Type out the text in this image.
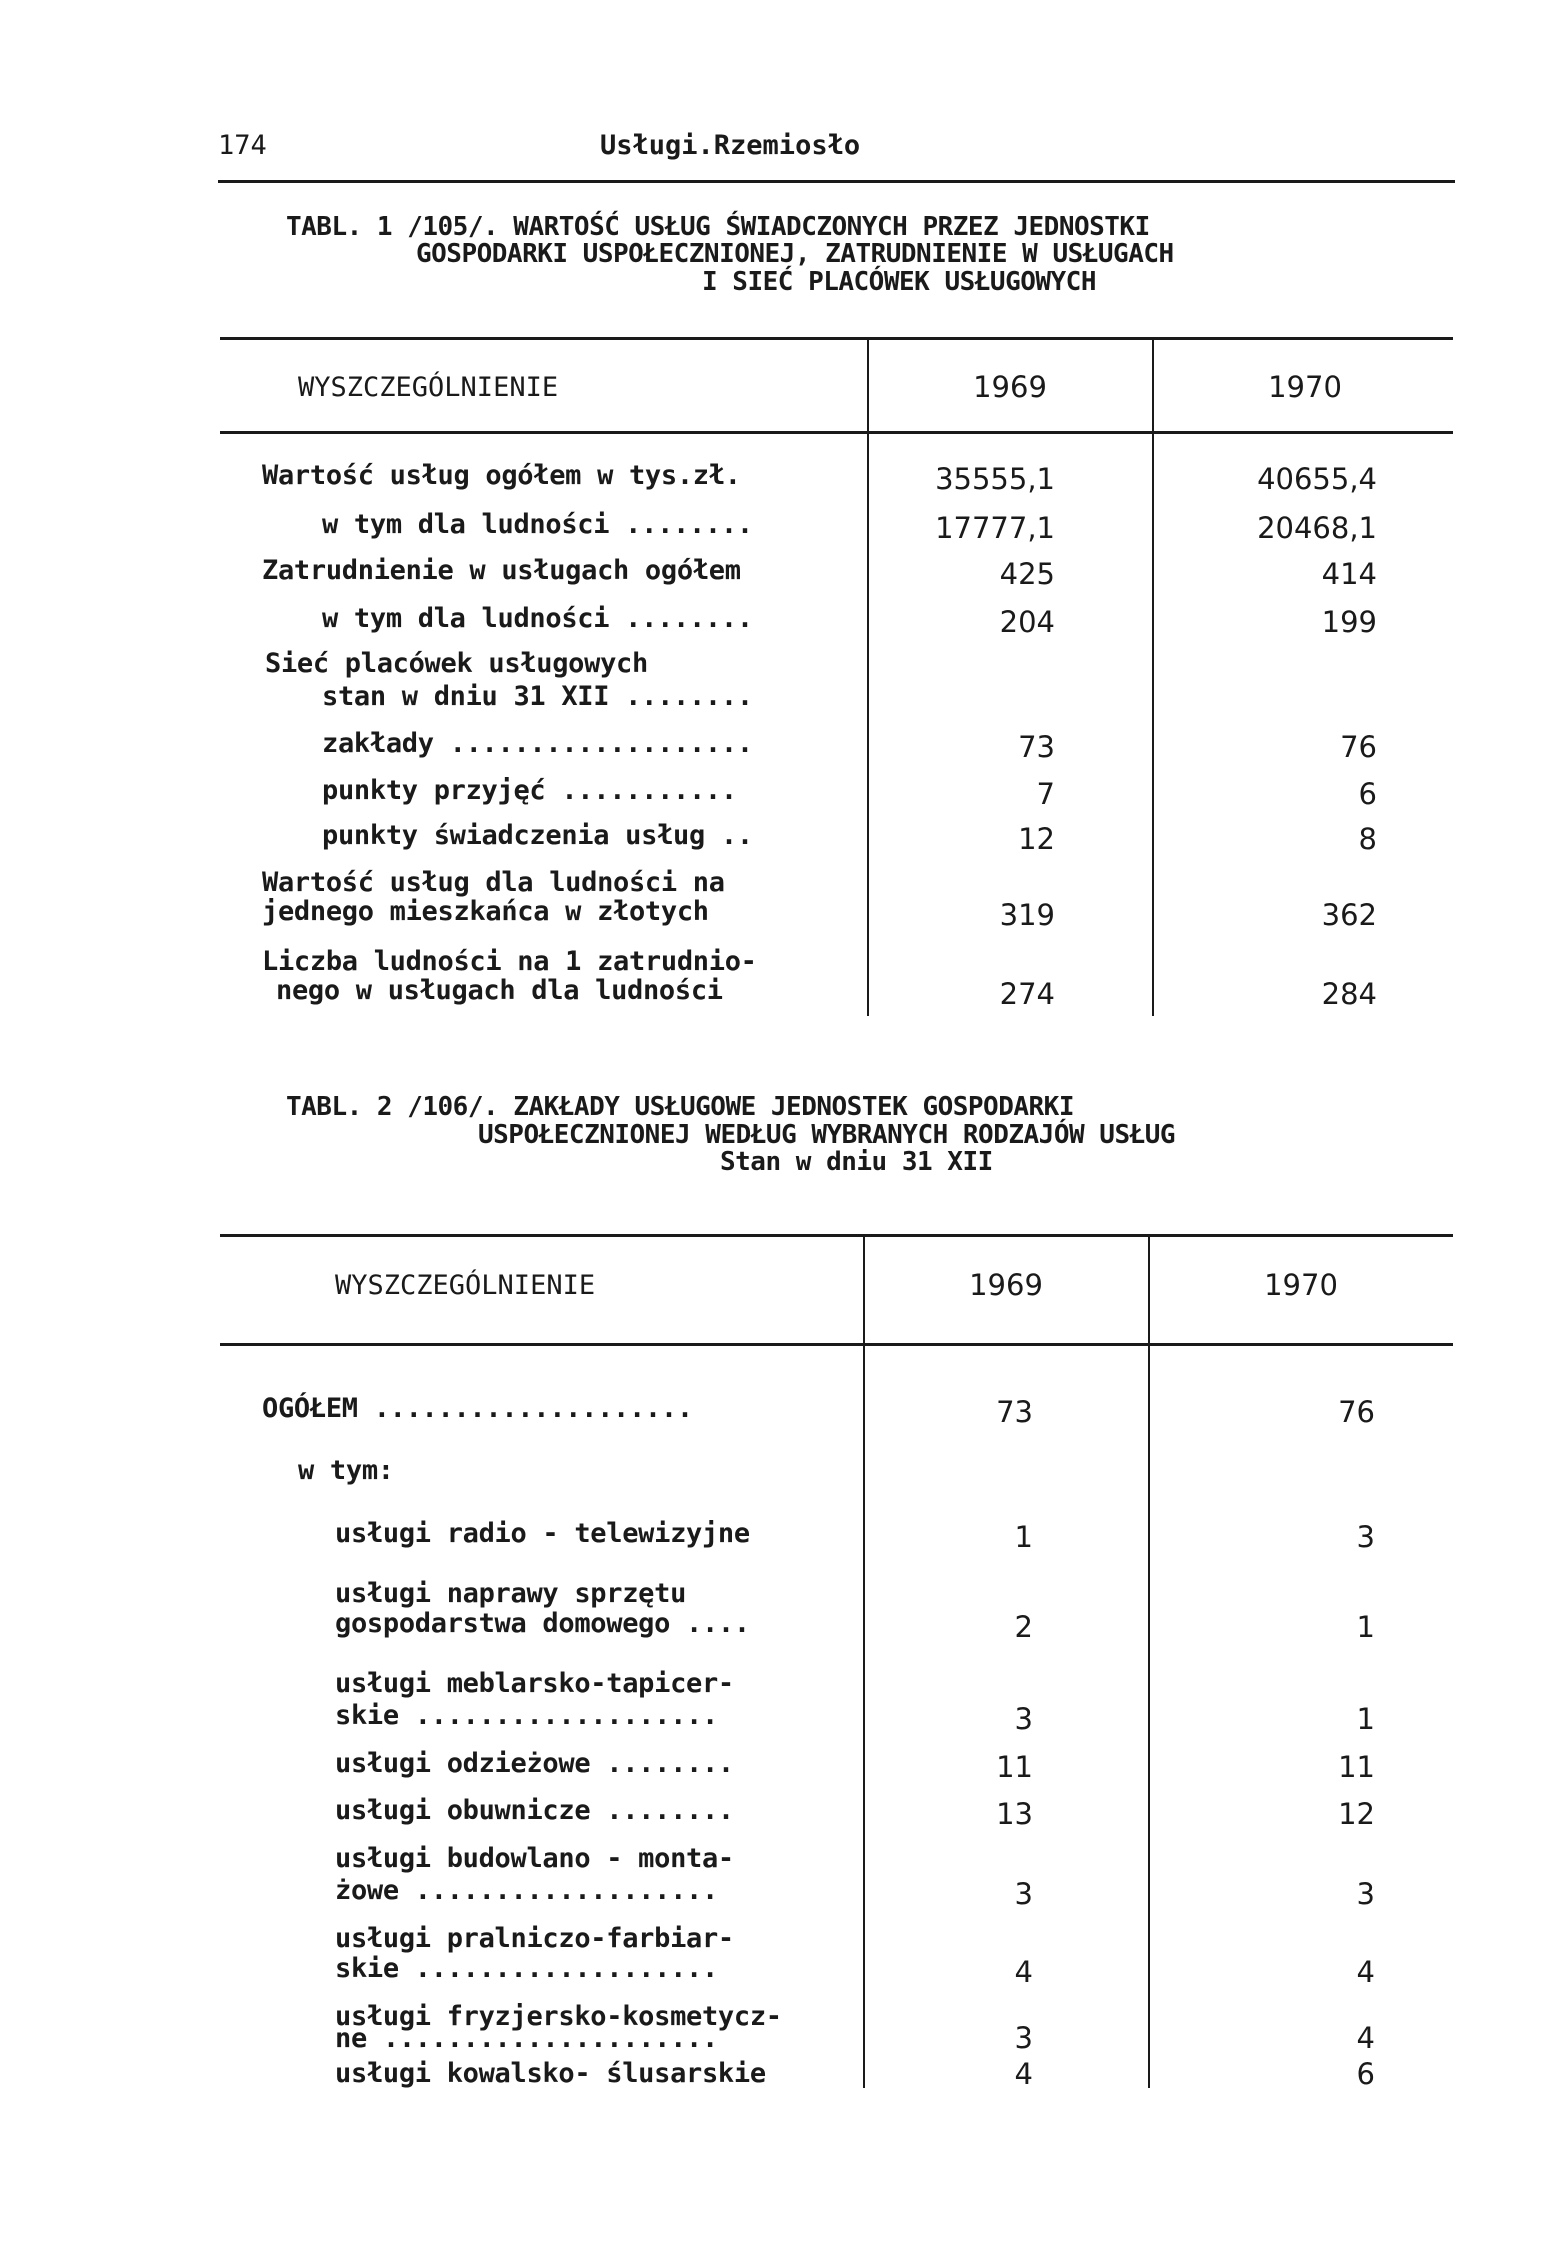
174	Usługi.Rzemiosło
TABL. 1 /105/. WARTOŚĆ USŁUG ŚWIADCZONYCH PRZEZ JEDNOSTKI
GOSPODARKI USPOŁECZNIONEJ, ZATRUDNIENIE W USŁUGACH
I SIEĆ PLACÓWEK USŁUGOWYCH
WYSZCZEGÓLNIENIE	1969	1970
Wartość usług ogółem w tys.zł.	35555,1	40655,4
w tym dla ludności ........	17777,1	20468,1
Zatrudnienie w usługach ogółem	425	414
w tym dla ludności ........	204	199
Sieć placówek usługowych
stan w dniu 31 XII ........
zakłady ...................	73	76
punkty przyjęć ...........	7	6
punkty świadczenia usług ..	12	8
Wartość usług dla ludności na
jednego mieszkańca w złotych	319	362
Liczba ludności na 1 zatrudnio-
nego w usługach dla ludności	274	284
TABL. 2 /106/. ZAKŁADY USŁUGOWE JEDNOSTEK GOSPODARKI
USPOŁECZNIONEJ WEDŁUG WYBRANYCH RODZAJÓW USŁUG
Stan w dniu 31 XII
WYSZCZEGÓLNIENIE	1969	1970
OGÓŁEM ....................	73	76
w tym:
usługi radio - telewizyjne	1	3
usługi naprawy sprzętu
gospodarstwa domowego ....	2	1
usługi meblarsko-tapicer-
skie ...................	3	1
usługi odzieżowe ........	11	11
usługi obuwnicze ........	13	12
usługi budowlano - monta-
żowe ...................	3	3
usługi pralniczo-farbiar-
skie ...................	4	4
usługi fryzjersko-kosmetycz-
ne .....................	3	4
usługi kowalsko- ślusarskie	4	6
